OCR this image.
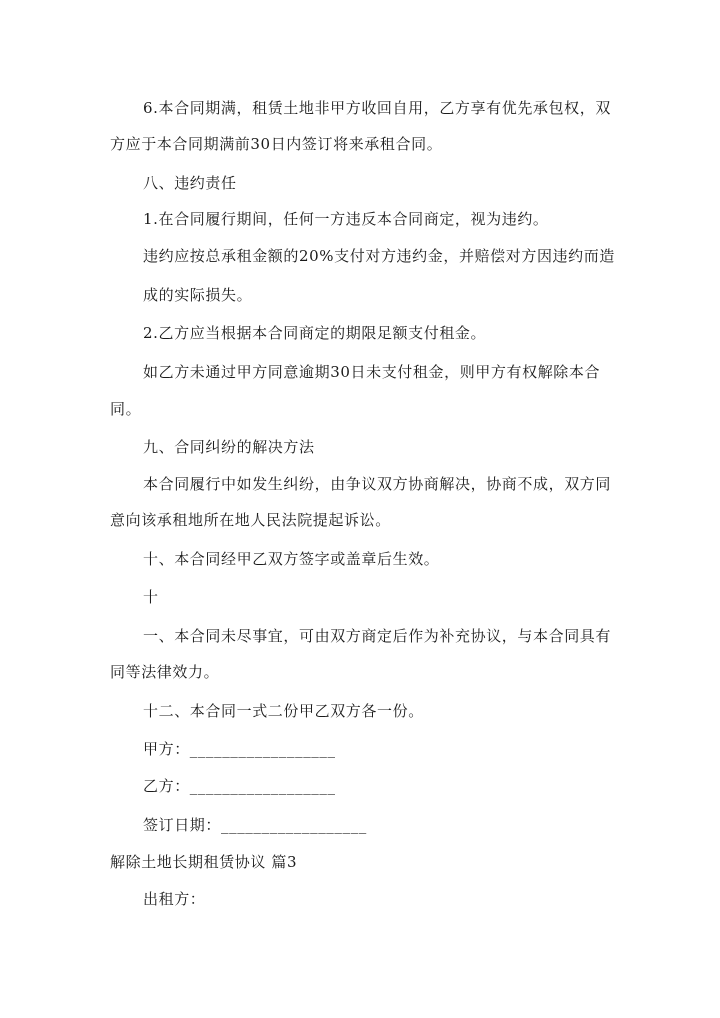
6.本合同期满，租赁土地非甲方收回自用，乙方享有优先承包权，双
方应于本合同期满前30日内签订将来承租合同。
八、违约责任
1.在合同履行期间，任何一方违反本合同商定，视为违约。
违约应按总承租金额的20%支付对方违约金，并赔偿对方因违约而造
成的实际损失。
2.乙方应当根据本合同商定的期限足额支付租金。
如乙方未通过甲方同意逾期30日未支付租金，则甲方有权解除本合
同。
九、合同纠纷的解决方法
本合同履行中如发生纠纷，由争议双方协商解决，协商不成，双方同
意向该承租地所在地人民法院提起诉讼。
十、本合同经甲乙双方签字或盖章后生效。
十
一、本合同未尽事宜，可由双方商定后作为补充协议，与本合同具有
同等法律效力。
十二、本合同一式二份甲乙双方各一份。
甲方：__________________
乙方：__________________
签订日期：__________________
解除土地长期租赁协议 篇3
出租方：
